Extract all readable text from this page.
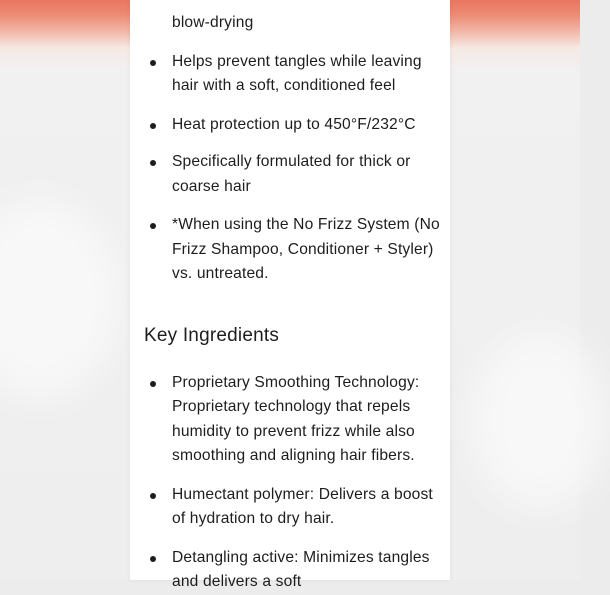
blow-drying
Helps prevent tangles while leaving hair with a soft, conditioned feel
Heat protection up to 450°F/232°C
Specifically formulated for thick or coarse hair
*When using the No Frizz System (No Frizz Shampoo, Conditioner + Styler) vs. untreated.
Key Ingredients
Proprietary Smoothing Technology: Proprietary technology that repels humidity to prevent frizz while also smoothing and aligning hair fibers.
Humectant polymer: Delivers a boost of hydration to dry hair.
Detangling active: Minimizes tangles and delivers a soft
